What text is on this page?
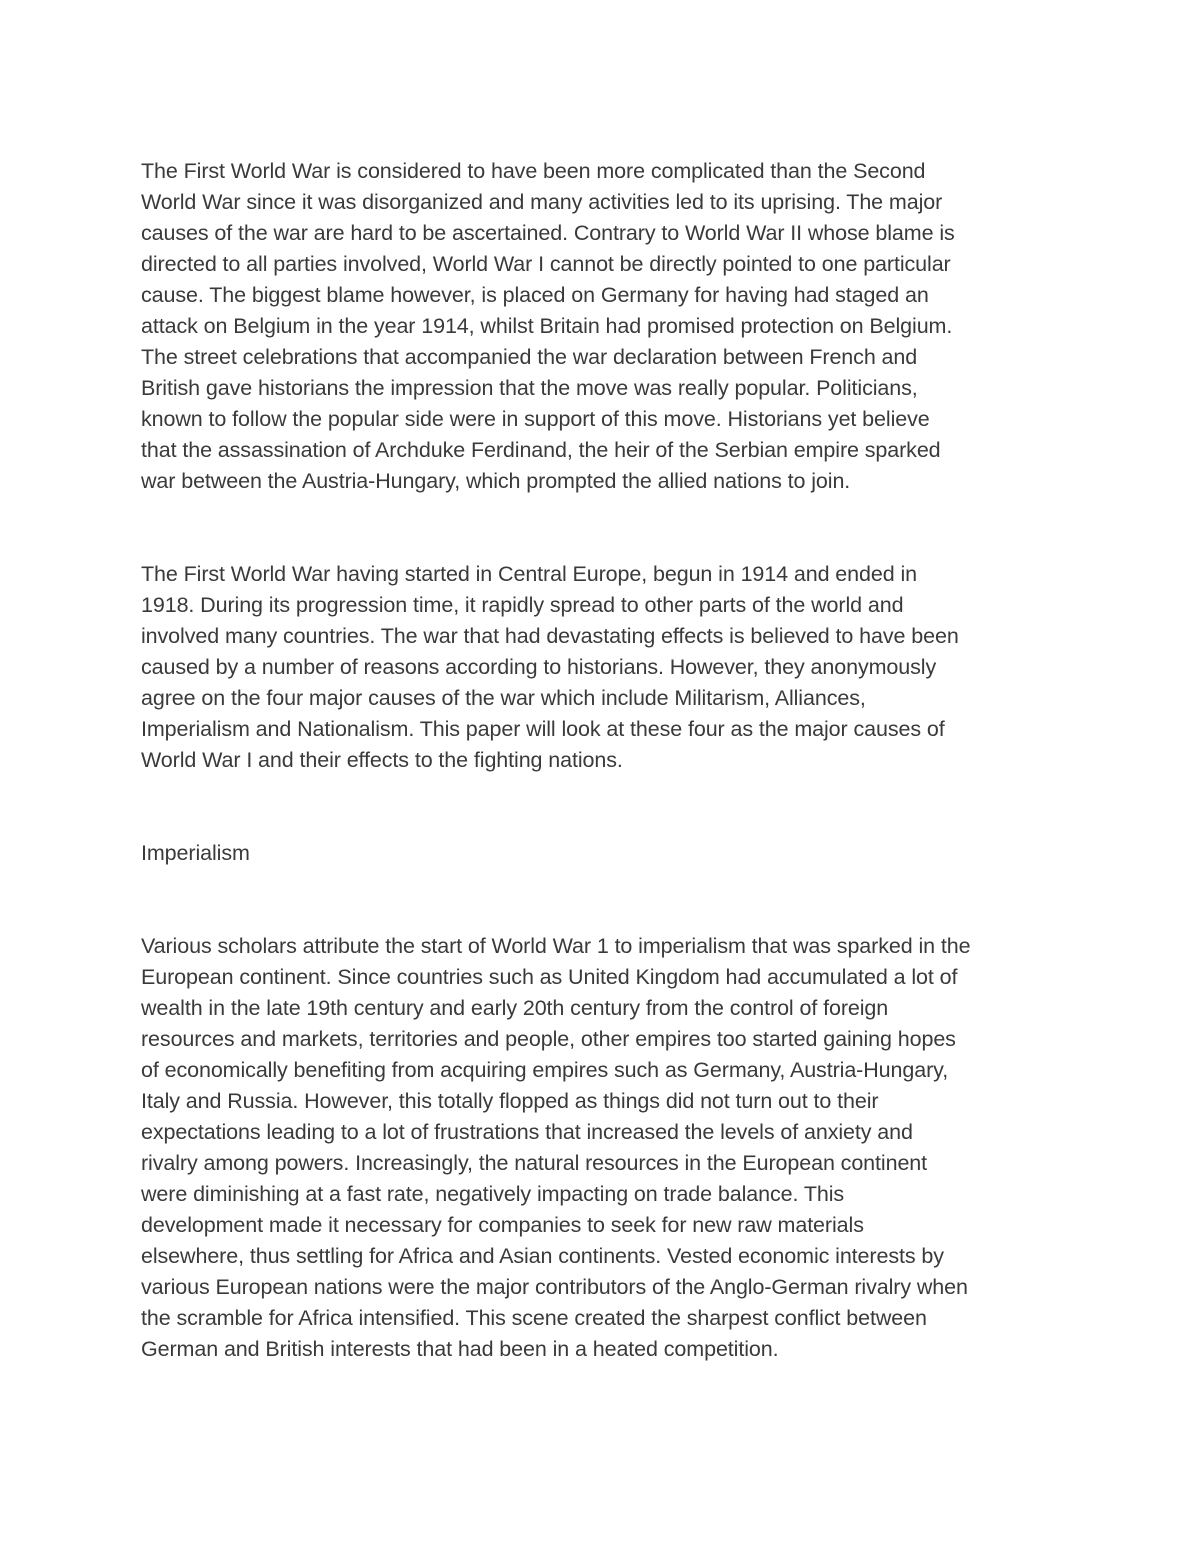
The First World War is considered to have been more complicated than the Second
World War since it was disorganized and many activities led to its uprising. The major
causes of the war are hard to be ascertained. Contrary to World War II whose blame is
directed to all parties involved, World War I cannot be directly pointed to one particular
cause. The biggest blame however, is placed on Germany for having had staged an
attack on Belgium in the year 1914, whilst Britain had promised protection on Belgium.
The street celebrations that accompanied the war declaration between French and
British gave historians the impression that the move was really popular. Politicians,
known to follow the popular side were in support of this move. Historians yet believe
that the assassination of Archduke Ferdinand, the heir of the Serbian empire sparked
war between the Austria-Hungary, which prompted the allied nations to join.
The First World War having started in Central Europe, begun in 1914 and ended in
1918. During its progression time, it rapidly spread to other parts of the world and
involved many countries. The war that had devastating effects is believed to have been
caused by a number of reasons according to historians. However, they anonymously
agree on the four major causes of the war which include Militarism, Alliances,
Imperialism and Nationalism. This paper will look at these four as the major causes of
World War I and their effects to the fighting nations.
Imperialism
Various scholars attribute the start of World War 1 to imperialism that was sparked in the
European continent. Since countries such as United Kingdom had accumulated a lot of
wealth in the late 19th century and early 20th century from the control of foreign
resources and markets, territories and people, other empires too started gaining hopes
of economically benefiting from acquiring empires such as Germany, Austria-Hungary,
Italy and Russia. However, this totally flopped as things did not turn out to their
expectations leading to a lot of frustrations that increased the levels of anxiety and
rivalry among powers. Increasingly, the natural resources in the European continent
were diminishing at a fast rate, negatively impacting on trade balance. This
development made it necessary for companies to seek for new raw materials
elsewhere, thus settling for Africa and Asian continents. Vested economic interests by
various European nations were the major contributors of the Anglo-German rivalry when
the scramble for Africa intensified. This scene created the sharpest conflict between
German and British interests that had been in a heated competition.
